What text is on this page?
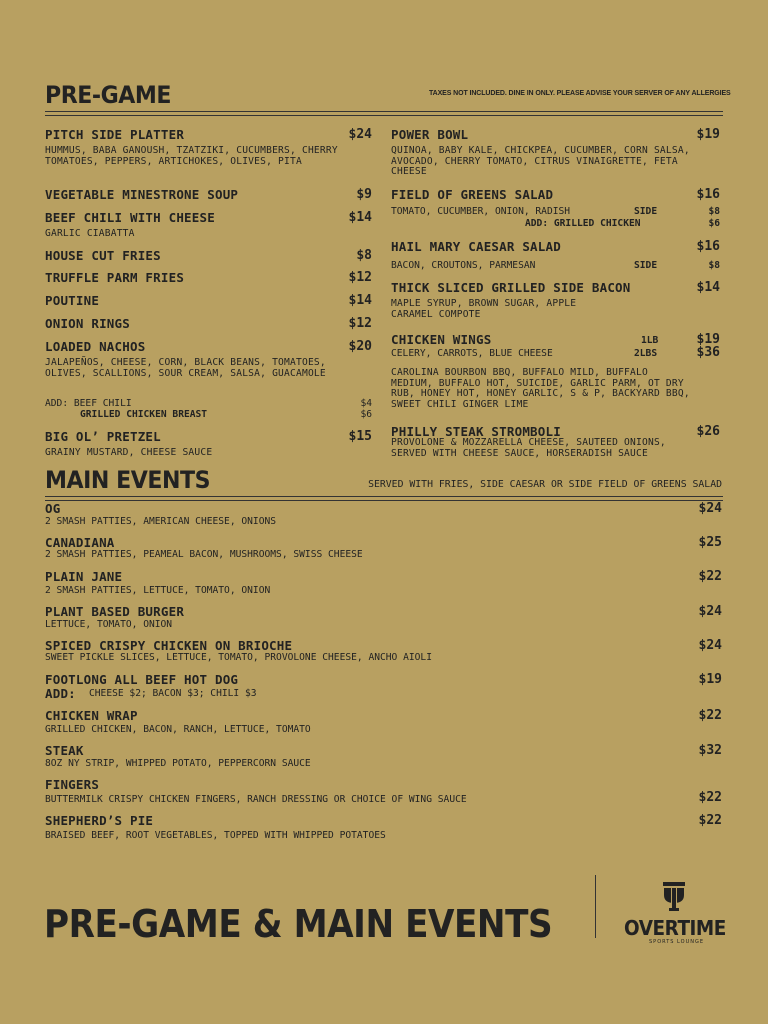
PRE-GAME	TAXES NOT INCLUDED. DINE IN ONLY. PLEASE ADVISE YOUR SERVER OF ANY ALLERGIES
PITCH SIDE PLATTER	$24
HUMMUS, BABA GANOUSH, TZATZIKI, CUCUMBERS, CHERRY TOMATOES, PEPPERS, ARTICHOKES, OLIVES, PITA
VEGETABLE MINESTRONE SOUP	$9
BEEF CHILI WITH CHEESE	$14
GARLIC CIABATTA
HOUSE CUT FRIES	$8
TRUFFLE PARM FRIES	$12
POUTINE	$14
ONION RINGS	$12
LOADED NACHOS	$20
JALAPEÑOS, CHEESE, CORN, BLACK BEANS, TOMATOES, OLIVES, SCALLIONS, SOUR CREAM, SALSA, GUACAMOLE
ADD: BEEF CHILI	$4
GRILLED CHICKEN BREAST	$6
BIG OL’ PRETZEL	$15
GRAINY MUSTARD, CHEESE SAUCE
POWER BOWL	$19
QUINOA, BABY KALE, CHICKPEA, CUCUMBER, CORN SALSA, AVOCADO, CHERRY TOMATO, CITRUS VINAIGRETTE, FETA CHEESE
FIELD OF GREENS SALAD	$16
TOMATO, CUCUMBER, ONION, RADISH	SIDE	$8
ADD: GRILLED CHICKEN	$6
HAIL MARY CAESAR SALAD	$16
BACON, CROUTONS, PARMESAN	SIDE	$8
THICK SLICED GRILLED SIDE BACON	$14
MAPLE SYRUP, BROWN SUGAR, APPLE CARAMEL COMPOTE
CHICKEN WINGS	1LB	$19
CELERY, CARROTS, BLUE CHEESE	2LBS	$36
CAROLINA BOURBON BBQ, BUFFALO MILD, BUFFALO MEDIUM, BUFFALO HOT, SUICIDE, GARLIC PARM, OT DRY RUB, HONEY HOT, HONEY GARLIC, S & P, BACKYARD BBQ, SWEET CHILI GINGER LIME
PHILLY STEAK STROMBOLI	$26
PROVOLONE & MOZZARELLA CHEESE, SAUTEED ONIONS, SERVED WITH CHEESE SAUCE, HORSERADISH SAUCE
MAIN EVENTS	SERVED WITH FRIES, SIDE CAESAR OR SIDE FIELD OF GREENS SALAD
OG	$24
2 SMASH PATTIES, AMERICAN CHEESE, ONIONS
CANADIANA	$25
2 SMASH PATTIES, PEAMEAL BACON, MUSHROOMS, SWISS CHEESE
PLAIN JANE	$22
2 SMASH PATTIES, LETTUCE, TOMATO, ONION
PLANT BASED BURGER	$24
LETTUCE, TOMATO, ONION
SPICED CRISPY CHICKEN ON BRIOCHE	$24
SWEET PICKLE SLICES, LETTUCE, TOMATO, PROVOLONE CHEESE, ANCHO AIOLI
FOOTLONG ALL BEEF HOT DOG	$19
ADD: CHEESE $2; BACON $3; CHILI $3
CHICKEN WRAP	$22
GRILLED CHICKEN, BACON, RANCH, LETTUCE, TOMATO
STEAK	$32
8OZ NY STRIP, WHIPPED POTATO, PEPPERCORN SAUCE
FINGERS
BUTTERMILK CRISPY CHICKEN FINGERS, RANCH DRESSING OR CHOICE OF WING SAUCE	$22
SHEPHERD’S PIE	$22
BRAISED BEEF, ROOT VEGETABLES, TOPPED WITH WHIPPED POTATOES
PRE-GAME & MAIN EVENTS	OVERTIME
SPORTS LOUNGE
